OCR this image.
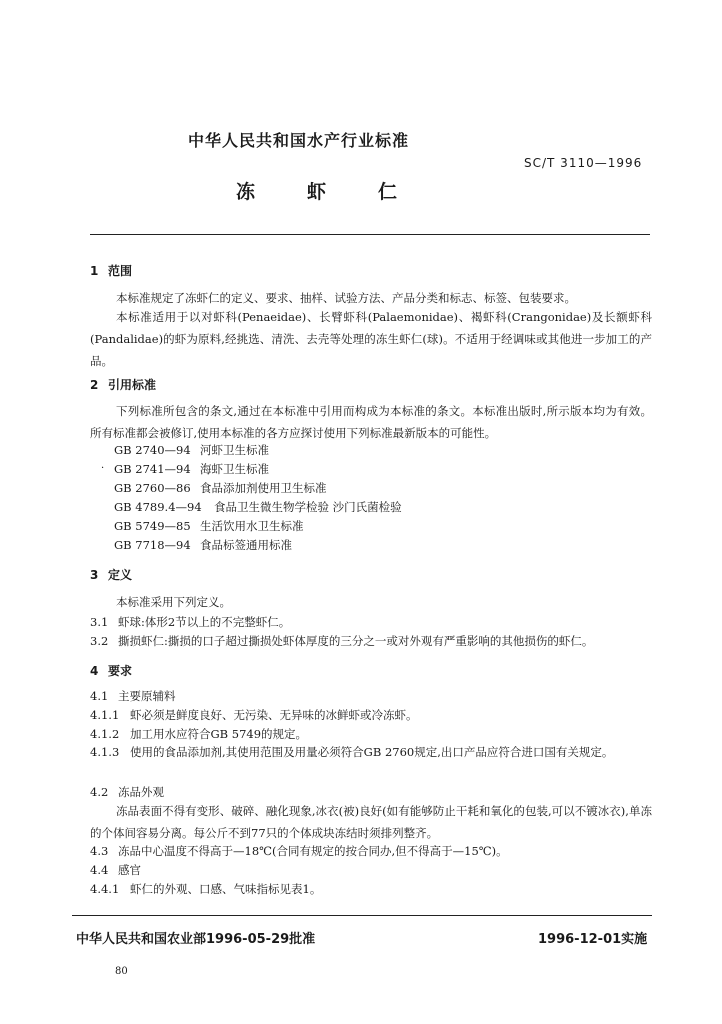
中华人民共和国水产行业标准
SC/T 3110—1996
冻	虾	仁
1 范围
本标准规定了冻虾仁的定义、要求、抽样、试验方法、产品分类和标志、标签、包装要求。
本标准适用于以对虾科(Penaeidae)、长臂虾科(Palaemonidae)、褐虾科(Crangonidae)及长额虾科(Pandalidae)的虾为原料,经挑选、清洗、去壳等处理的冻生虾仁(球)。不适用于经调味或其他进一步加工的产品。
2 引用标准
下列标准所包含的条文,通过在本标准中引用而构成为本标准的条文。本标准出版时,所示版本均为有效。所有标准都会被修订,使用本标准的各方应探讨使用下列标准最新版本的可能性。
GB 2740—94 河虾卫生标准
· GB 2741—94 海虾卫生标准
GB 2760—86 食品添加剂使用卫生标准
GB 4789.4—94 食品卫生微生物学检验 沙门氏菌检验
GB 5749—85 生活饮用水卫生标准
GB 7718—94 食品标签通用标准
3 定义
本标准采用下列定义。
3.1 虾球:体形2节以上的不完整虾仁。
3.2 撕损虾仁:撕损的口子超过撕损处虾体厚度的三分之一或对外观有严重影响的其他损伤的虾仁。
4 要求
4.1 主要原辅料
4.1.1 虾必须是鲜度良好、无污染、无异味的冰鲜虾或冷冻虾。
4.1.2 加工用水应符合GB 5749的规定。
4.1.3 使用的食品添加剂,其使用范围及用量必须符合GB 2760规定,出口产品应符合进口国有关规定。
4.2 冻品外观
冻品表面不得有变形、破碎、融化现象,冰衣(被)良好(如有能够防止干耗和氧化的包装,可以不镀冰衣),单冻的个体间容易分离。每公斤不到77只的个体成块冻结时须排列整齐。
4.3 冻品中心温度不得高于—18℃(合同有规定的按合同办,但不得高于—15℃)。
4.4 感官
4.4.1 虾仁的外观、口感、气味指标见表1。
中华人民共和国农业部1996-05-29批准	1996-12-01实施
80
